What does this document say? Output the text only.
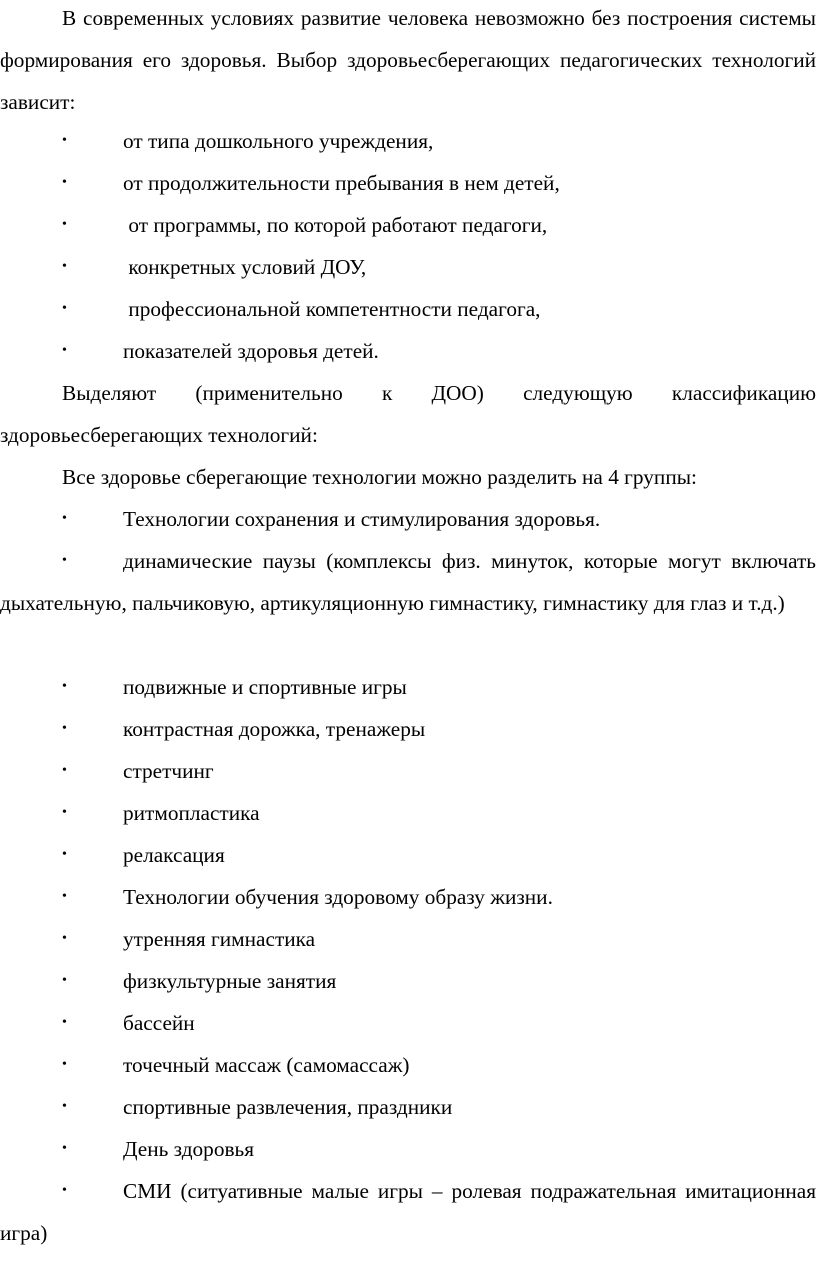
В современных условиях развитие человека невозможно без построения системы формирования его здоровья. Выбор здоровьесберегающих педагогических технологий зависит:

•	от типа дошкольного учреждения,
•	от продолжительности пребывания в нем детей,
•	от программы, по которой работают педагоги,
•	конкретных условий ДОУ,
•	профессиональной компетентности педагога,
•	показателей здоровья детей.

Выделяют (применительно к ДОО) следующую классификацию здоровьесберегающих технологий:

Все здоровье сберегающие технологии можно разделить на 4 группы:

•	Технологии сохранения и стимулирования здоровья.
•	динамические паузы (комплексы физ. минуток, которые могут включать дыхательную, пальчиковую, артикуляционную гимнастику, гимнастику для глаз и т.д.)
•	подвижные и спортивные игры
•	контрастная дорожка, тренажеры
•	стретчинг
•	ритмопластика
•	релаксация
•	Технологии обучения здоровому образу жизни.
•	утренняя гимнастика
•	физкультурные занятия
•	бассейн
•	точечный массаж (самомассаж)
•	спортивные развлечения, праздники
•	День здоровья
•	СМИ (ситуативные малые игры – ролевая подражательная имитационная игра)
